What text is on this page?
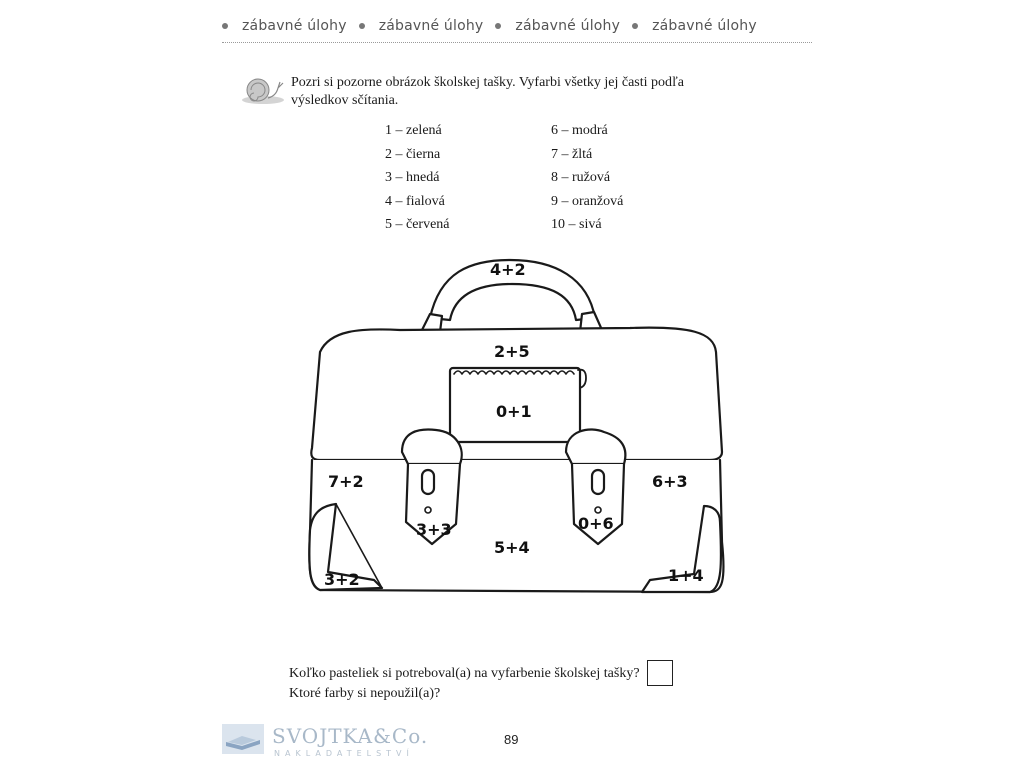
zábavné úlohy zábavné úlohy zábavné úlohy zábavné úlohy
Pozri si pozorne obrázok školskej tašky. Vyfarbi všetky jej časti podľa výsledkov sčítania.
1 – zelená
2 – čierna
3 – hnedá
4 – fialová
5 – červená
6 – modrá
7 – žltá
8 – ružová
9 – oranžová
10 – sivá
4+2
2+5
0+1
7+2	6+3
3+3	0+6
5+4
3+2	1+4
Koľko pasteliek si potreboval(a) na vyfarbenie školskej tašky?
Ktoré farby si nepoužil(a)?
89
SVOJTKA&Co.
NAKLADATELSTVÍ
